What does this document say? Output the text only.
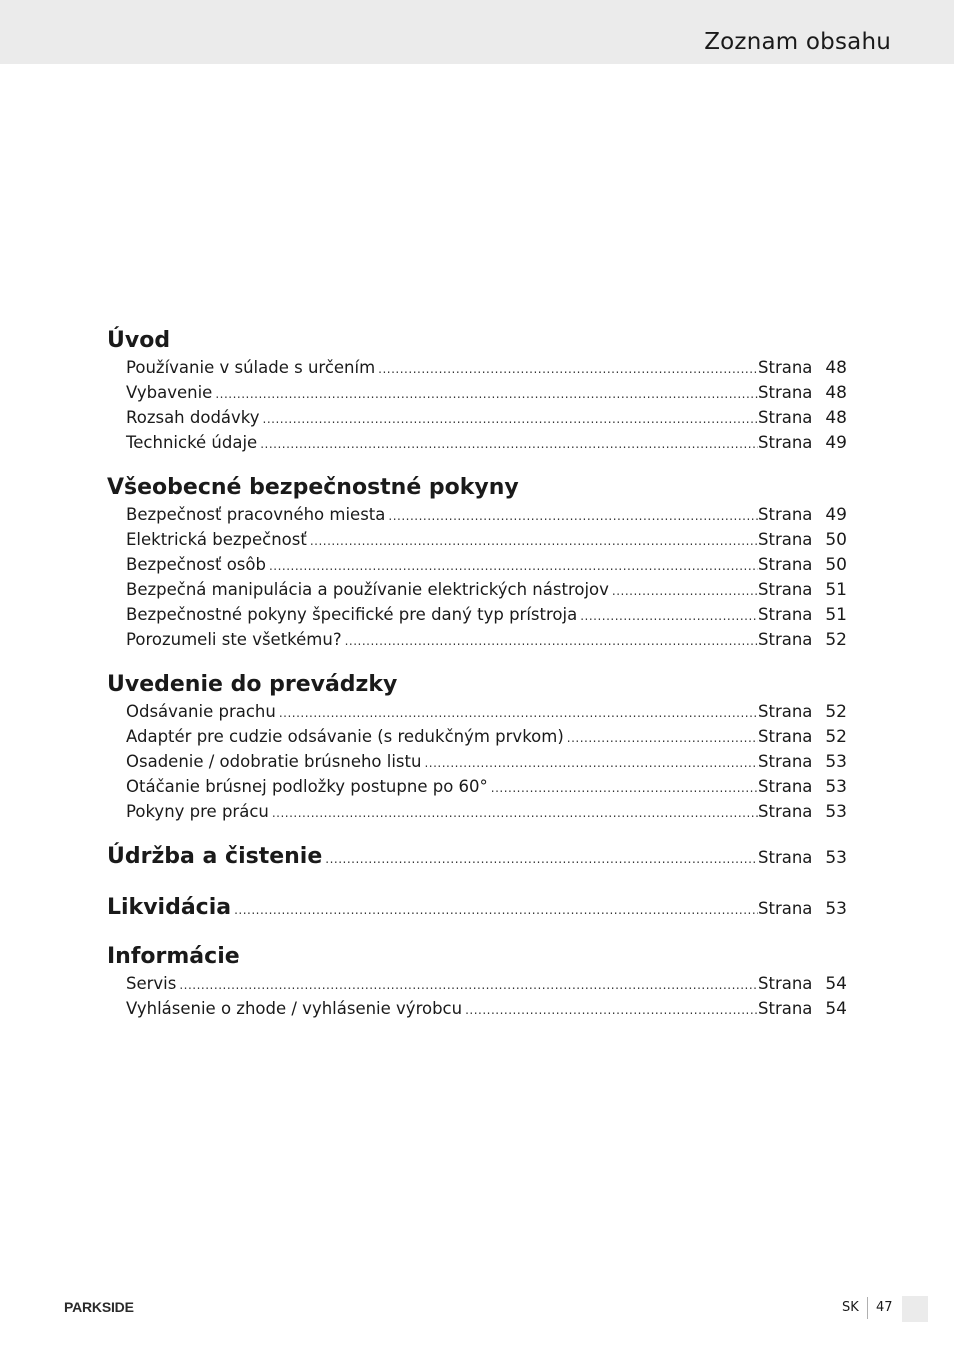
Zoznam obsahu
Úvod
Používanie v súlade s určením .....	Strana 48
Vybavenie .....	Strana 48
Rozsah dodávky .....	Strana 48
Technické údaje .....	Strana 49
Všeobecné bezpečnostné pokyny
Bezpečnosť pracovného miesta .....	Strana 49
Elektrická bezpečnosť .....	Strana 50
Bezpečnosť osôb .....	Strana 50
Bezpečná manipulácia a používanie elektrických nástrojov .....	Strana 51
Bezpečnostné pokyny špecifické pre daný typ prístroja .....	Strana 51
Porozumeli ste všetkému? .....	Strana 52
Uvedenie do prevádzky
Odsávanie prachu .....	Strana 52
Adaptér pre cudzie odsávanie (s redukčným prvkom) .....	Strana 52
Osadenie / odobratie brúsneho listu .....	Strana 53
Otáčanie brúsnej podložky postupne po 60° .....	Strana 53
Pokyny pre prácu .....	Strana 53
Údržba a čistenie .....	Strana 53
Likvidácia .....	Strana 53
Informácie
Servis .....	Strana 54
Vyhlásenie o zhode / vyhlásenie výrobcu .....	Strana 54
PARKSIDE	SK 47
